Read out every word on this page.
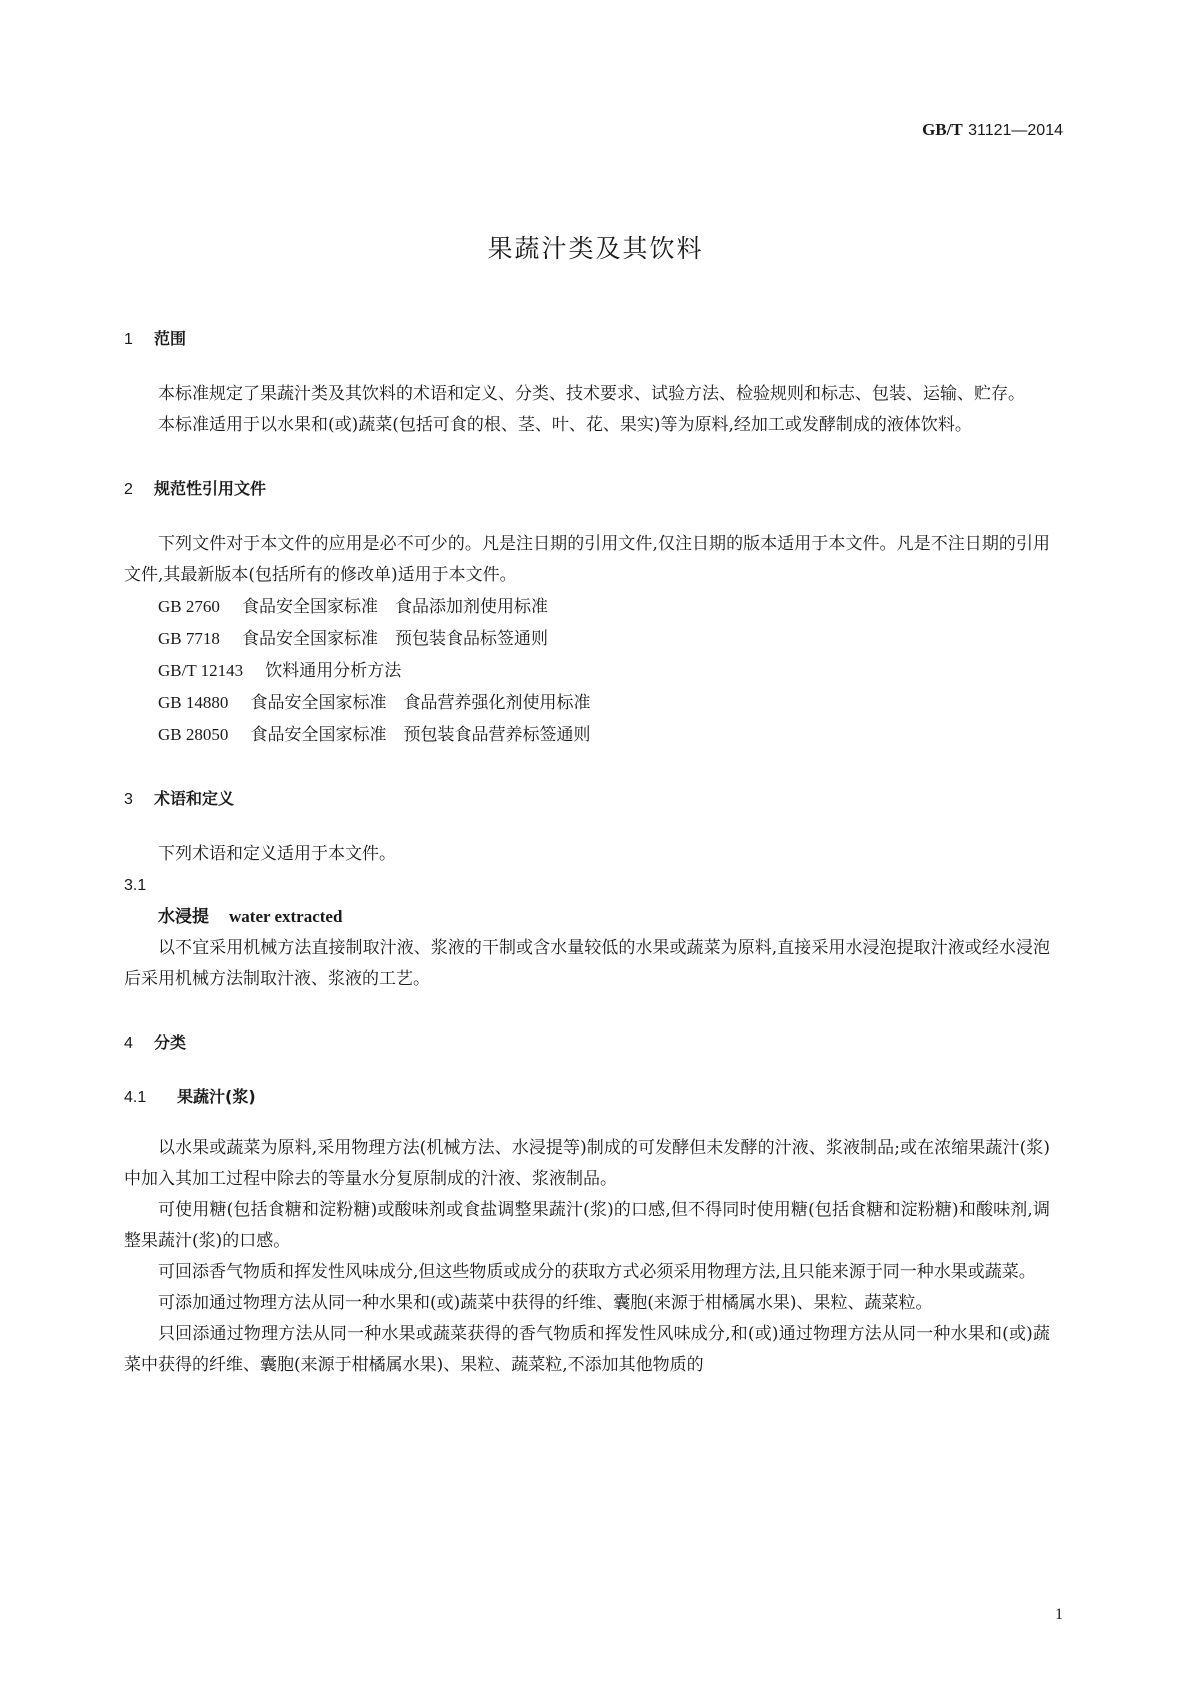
GB/T 31121—2014
果蔬汁类及其饮料
1 范围

本标准规定了果蔬汁类及其饮料的术语和定义、分类、技术要求、试验方法、检验规则和标志、包装、运输、贮存。

本标准适用于以水果和(或)蔬菜(包括可食的根、茎、叶、花、果实)等为原料,经加工或发酵制成的液体饮料。

2 规范性引用文件

下列文件对于本文件的应用是必不可少的。凡是注日期的引用文件,仅注日期的版本适用于本文件。凡是不注日期的引用文件,其最新版本(包括所有的修改单)适用于本文件。

GB 2760 食品安全国家标准　食品添加剂使用标准
GB 7718 食品安全国家标准　预包装食品标签通则
GB/T 12143 饮料通用分析方法
GB 14880 食品安全国家标准　食品营养强化剂使用标准
GB 28050 食品安全国家标准　预包装食品营养标签通则
3 术语和定义

下列术语和定义适用于本文件。

3.1
水浸提 water extracted

以不宜采用机械方法直接制取汁液、浆液的干制或含水量较低的水果或蔬菜为原料,直接采用水浸泡提取汁液或经水浸泡后采用机械方法制取汁液、浆液的工艺。

4 分类
4.1 果蔬汁(浆)

以水果或蔬菜为原料,采用物理方法(机械方法、水浸提等)制成的可发酵但未发酵的汁液、浆液制品;或在浓缩果蔬汁(浆)中加入其加工过程中除去的等量水分复原制成的汁液、浆液制品。

可使用糖(包括食糖和淀粉糖)或酸味剂或食盐调整果蔬汁(浆)的口感,但不得同时使用糖(包括食糖和淀粉糖)和酸味剂,调整果蔬汁(浆)的口感。

可回添香气物质和挥发性风味成分,但这些物质或成分的获取方式必须采用物理方法,且只能来源于同一种水果或蔬菜。

可添加通过物理方法从同一种水果和(或)蔬菜中获得的纤维、囊胞(来源于柑橘属水果)、果粒、蔬菜粒。

只回添通过物理方法从同一种水果或蔬菜获得的香气物质和挥发性风味成分,和(或)通过物理方法从同一种水果和(或)蔬菜中获得的纤维、囊胞(来源于柑橘属水果)、果粒、蔬菜粒,不添加其他物质的

1
